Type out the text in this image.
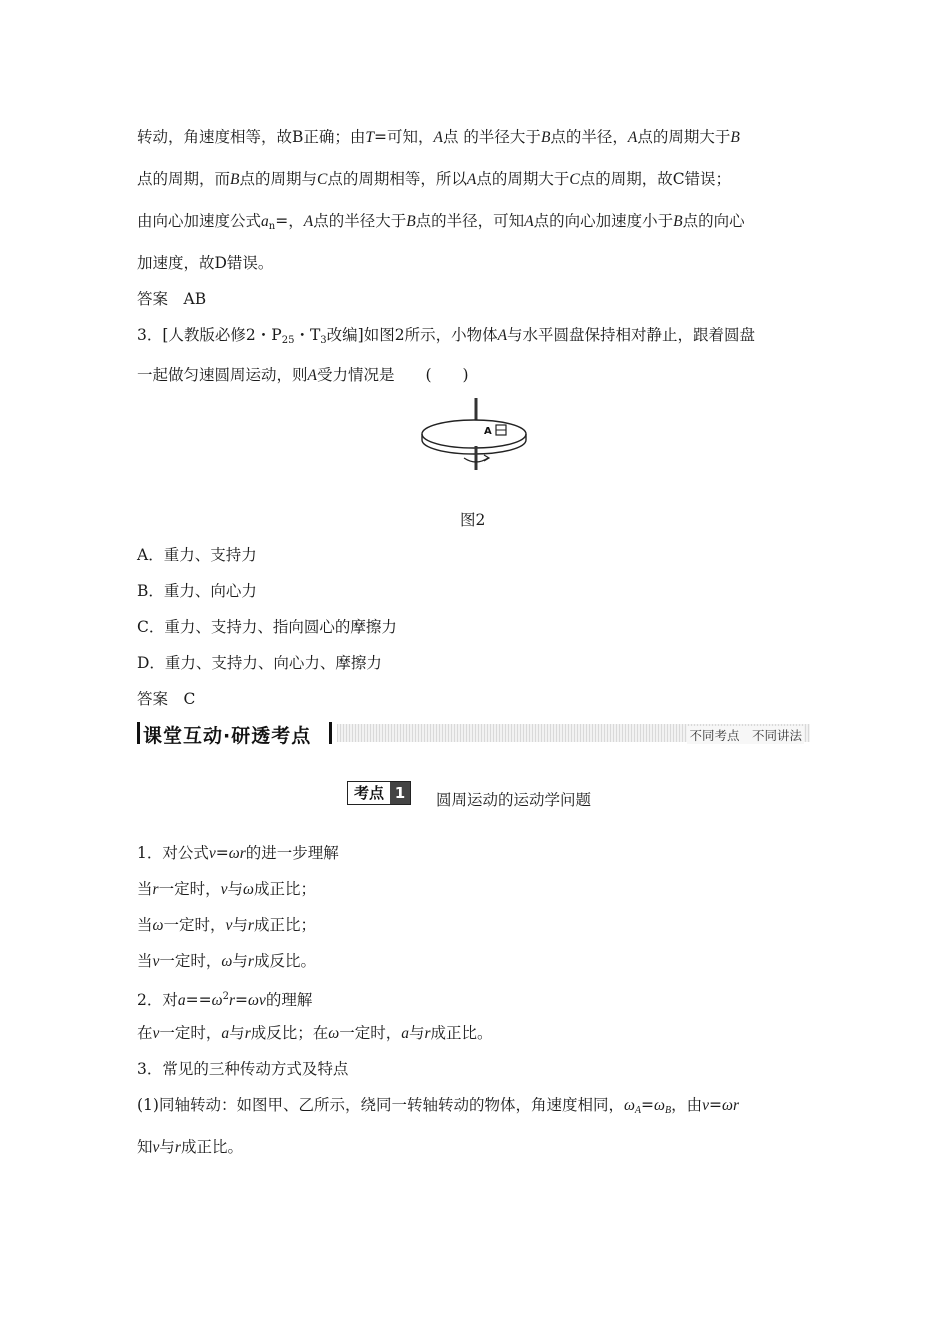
转动，角速度相等，故B正确；由T=可知，A点 的半径大于B点的半径，A点的周期大于B
点的周期，而B点的周期与C点的周期相等，所以A点的周期大于C点的周期，故C错误；
由向心加速度公式$a_n=$，A点的半径大于B点的半径，可知A点的向心加速度小于B点的向心
加速度，故D错误。
答案　AB
3．[人教版必修2・$P_{25}$・$T_3$改编]如图2所示，小物体A与水平圆盘保持相对静止，跟着圆盘
一起做匀速圆周运动，则A受力情况是　　(　　)
A
图2
A．重力、支持力
B．重力、向心力
C．重力、支持力、指向圆心的摩擦力
D．重力、支持力、向心力、摩擦力
答案　C
课堂互动·研透考点	不同考点　不同讲法
考点 1	圆周运动的运动学问题
1．对公式v=ωr的进一步理解
当r一定时，v与ω成正比；
当ω一定时，v与r成正比；
当v一定时，ω与r成反比。
2．对$a==\omega^2r=\omega v$的理解
在v一定时，a与r成反比；在ω一定时，a与r成正比。
3．常见的三种传动方式及特点
(1)同轴转动：如图甲、乙所示，绕同一转轴转动的物体，角速度相同，$\omega_A=\omega_B$，由v=ωr
知v与r成正比。
